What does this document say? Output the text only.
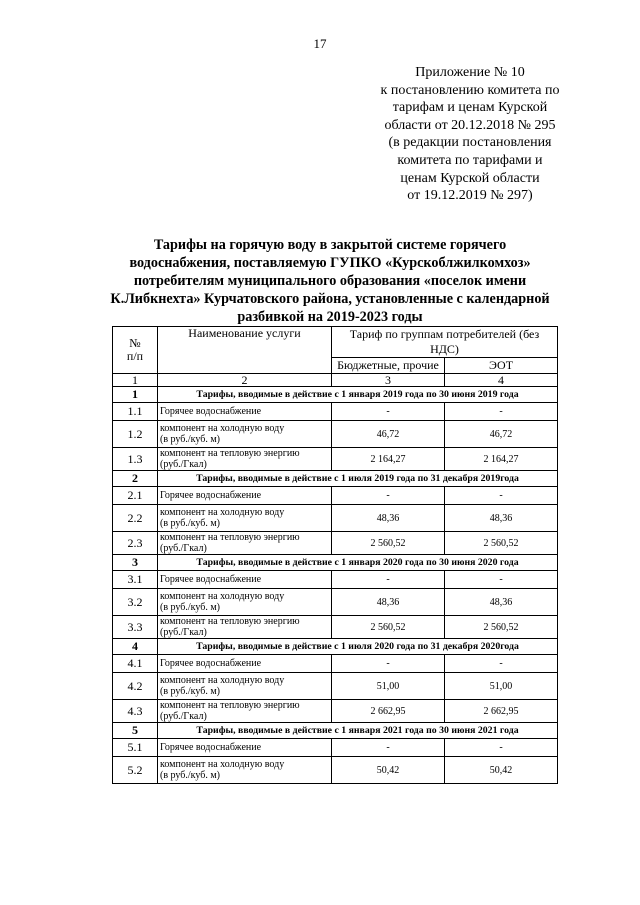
17
Приложение № 10
к постановлению комитета по
тарифам и ценам Курской
области от 20.12.2018 № 295
(в редакции постановления
комитета по тарифами и
ценам Курской области
от 19.12.2019 № 297)
Тарифы на горячую воду в закрытой системе горячего
водоснабжения, поставляемую ГУПКО «Курскоблжилкомхоз»
потребителям муниципального образования «поселок имени
К.Либкнехта» Курчатовского района, установленные с календарной
разбивкой на 2019-2023 годы
№
п/п	Наименование услуги	Тариф по группам потребителей (без НДС)	
		Бюджетные, прочие	ЭОТ
1	2	3	4
1	Тарифы, вводимые в действие с 1 января 2019 года по 30 июня 2019 года		
1.1	Горячее водоснабжение	-	-
1.2	компонент на холодную воду
(в руб./куб. м)	46,72	46,72
1.3	компонент на тепловую энергию
(руб./Гкал)	2 164,27	2 164,27
2	Тарифы, вводимые в действие с 1 июля 2019 года по 31 декабря 2019года		
2.1	Горячее водоснабжение	-	-
2.2	компонент на холодную воду
(в руб./куб. м)	48,36	48,36
2.3	компонент на тепловую энергию
(руб./Гкал)	2 560,52	2 560,52
3	Тарифы, вводимые в действие с 1 января 2020 года по 30 июня 2020 года		
3.1	Горячее водоснабжение	-	-
3.2	компонент на холодную воду
(в руб./куб. м)	48,36	48,36
3.3	компонент на тепловую энергию
(руб./Гкал)	2 560,52	2 560,52
4	Тарифы, вводимые в действие с 1 июля 2020 года по 31 декабря 2020года		
4.1	Горячее водоснабжение	-	-
4.2	компонент на холодную воду
(в руб./куб. м)	51,00	51,00
4.3	компонент на тепловую энергию
(руб./Гкал)	2 662,95	2 662,95
5	Тарифы, вводимые в действие с 1 января 2021 года по 30 июня 2021 года		
5.1	Горячее водоснабжение	-	-
5.2	компонент на холодную воду
(в руб./куб. м)	50,42	50,42
